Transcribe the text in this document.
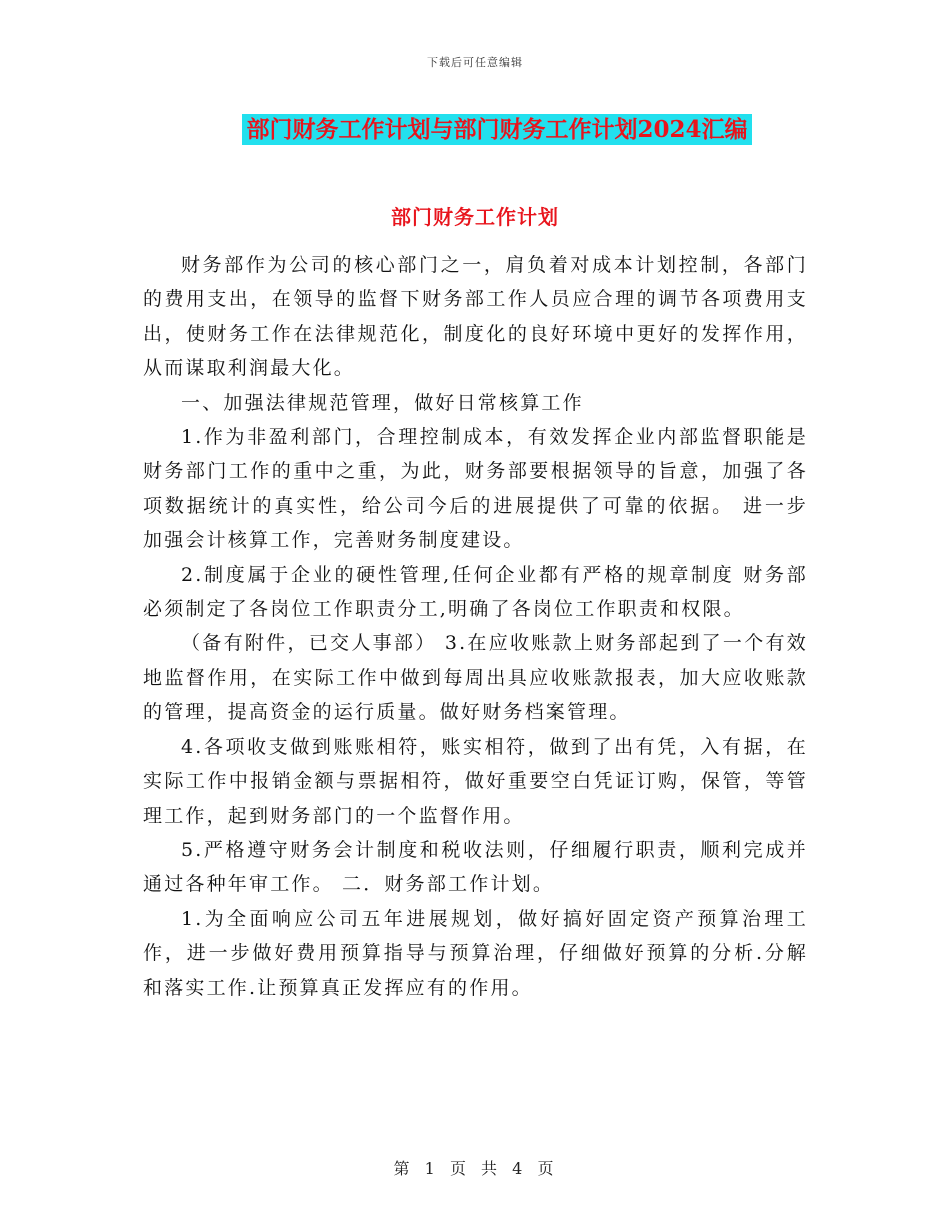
下载后可任意编辑
部门财务工作计划与部门财务工作计划2024汇编
部门财务工作计划

财务部作为公司的核心部门之一，肩负着对成本计划控制，各部门的费用支出，在领导的监督下财务部工作人员应合理的调节各项费用支出，使财务工作在法律规范化，制度化的良好环境中更好的发挥作用，从而谋取利润最大化。

一、加强法律规范管理，做好日常核算工作

1.作为非盈利部门，合理控制成本，有效发挥企业内部监督职能是财务部门工作的重中之重，为此，财务部要根据领导的旨意，加强了各项数据统计的真实性，给公司今后的进展提供了可靠的依据。 进一步加强会计核算工作，完善财务制度建设。

2.制度属于企业的硬性管理,任何企业都有严格的规章制度 财务部必须制定了各岗位工作职责分工,明确了各岗位工作职责和权限。

（备有附件，已交人事部） 3.在应收账款上财务部起到了一个有效地监督作用，在实际工作中做到每周出具应收账款报表，加大应收账款的管理，提高资金的运行质量。做好财务档案管理。

4.各项收支做到账账相符，账实相符，做到了出有凭，入有据，在实际工作中报销金额与票据相符，做好重要空白凭证订购，保管，等管理工作，起到财务部门的一个监督作用。

5.严格遵守财务会计制度和税收法则，仔细履行职责，顺利完成并通过各种年审工作。 二．财务部工作计划。

1.为全面响应公司五年进展规划，做好搞好固定资产预算治理工作，进一步做好费用预算指导与预算治理，仔细做好预算的分析.分解和落实工作.让预算真正发挥应有的作用。

第 1 页 共 4 页
